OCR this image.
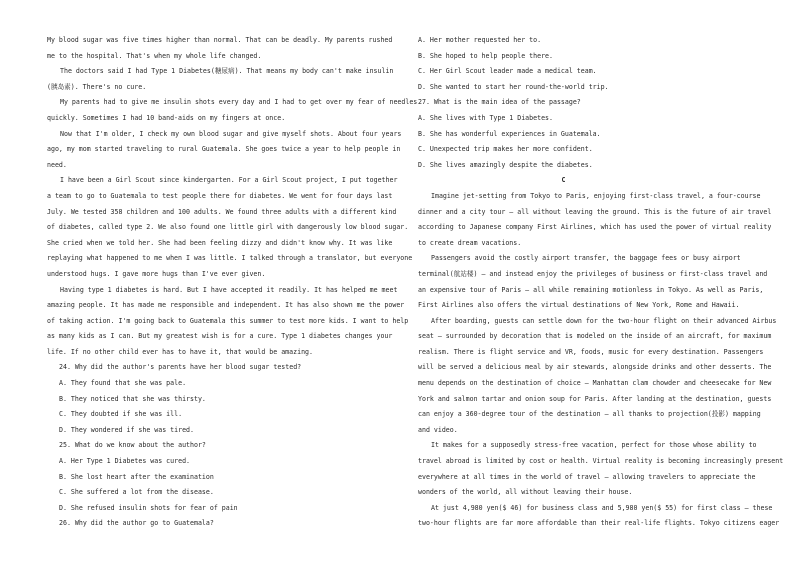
My blood sugar was five times higher than normal. That can be deadly. My parents rushed
me to the hospital. That's when my whole life changed.
The doctors said I had Type 1 Diabetes(糖尿病). That means my body can't make insulin
(胰岛素). There's no cure.
My parents had to give me insulin shots every day and I had to get over my fear of needles
quickly. Sometimes I had 10 band-aids on my fingers at once.
Now that I'm older, I check my own blood sugar and give myself shots. About four years
ago, my mom started traveling to rural Guatemala. She goes twice a year to help people in
need.
I have been a Girl Scout since kindergarten. For a Girl Scout project, I put together
a team to go to Guatemala to test people there for diabetes. We went for four days last
July. We tested 358 children and 100 adults. We found three adults with a different kind
of diabetes, called type 2. We also found one little girl with dangerously low blood sugar.
She cried when we told her. She had been feeling dizzy and didn't know why. It was like
replaying what happened to me when I was little. I talked through a translator, but everyone
understood hugs. I gave more hugs than I've ever given.
Having type 1 diabetes is hard. But I have accepted it readily. It has helped me meet
amazing people. It has made me responsible and independent. It has also shown me the power
of taking action. I'm going back to Guatemala this summer to test more kids. I want to help
as many kids as I can. But my greatest wish is for a cure. Type 1 diabetes changes your
life. If no other child ever has to have it, that would be amazing.
24. Why did the author's parents have her blood sugar tested?
A. They found that she was pale.
B. They noticed that she was thirsty.
C. They doubted if she was ill.
D. They wondered if she was tired.
25. What do we know about the author?
A. Her Type 1 Diabetes was cured.
B. She lost heart after the examination
C. She suffered a lot from the disease.
D. She refused insulin shots for fear of pain
26. Why did the author go to Guatemala?
A. Her mother requested her to.
B. She hoped to help people there.
C. Her Girl Scout leader made a medical team.
D. She wanted to start her round-the-world trip.
27. What is the main idea of the passage?
A. She lives with Type 1 Diabetes.
B. She has wonderful experiences in Guatemala.
C. Unexpected trip makes her more confident.
D. She lives amazingly despite the diabetes.
C
Imagine jet-setting from Tokyo to Paris, enjoying first-class travel, a four-course
dinner and a city tour — all without leaving the ground. This is the future of air travel
according to Japanese company First Airlines, which has used the power of virtual reality
to create dream vacations.
Passengers avoid the costly airport transfer, the baggage fees or busy airport
terminal(航站楼) — and instead enjoy the privileges of business or first-class travel and
an expensive tour of Paris — all while remaining motionless in Tokyo. As well as Paris,
First Airlines also offers the virtual destinations of New York, Rome and Hawaii.
After boarding, guests can settle down for the two-hour flight on their advanced Airbus
seat — surrounded by decoration that is modeled on the inside of an aircraft, for maximum
realism. There is flight service and VR, foods, music for every destination. Passengers
will be served a delicious meal by air stewards, alongside drinks and other desserts. The
menu depends on the destination of choice — Manhattan clam chowder and cheesecake for New
York and salmon tartar and onion soup for Paris. After landing at the destination, guests
can enjoy a 360-degree tour of the destination — all thanks to projection(投影) mapping
and video.
It makes for a supposedly stress-free vacation, perfect for those whose ability to
travel abroad is limited by cost or health. Virtual reality is becoming increasingly present
everywhere at all times in the world of travel — allowing travelers to appreciate the
wonders of the world, all without leaving their house.
At just 4,980 yen($ 46) for business class and 5,980 yen($ 55) for first class — these
two-hour flights are far more affordable than their real-life flights. Tokyo citizens eager
